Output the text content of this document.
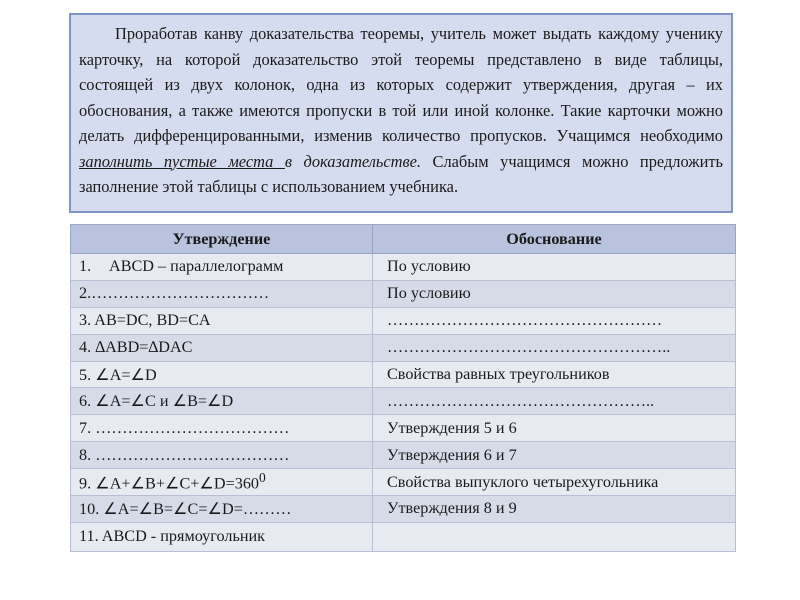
Проработав канву доказательства теоремы, учитель может выдать каждому ученику карточку, на которой доказательство этой теоремы представлено в виде таблицы, состоящей из двух колонок, одна из которых содержит утверждения, другая – их обоснования, а также имеются пропуски в той или иной колонке. Такие карточки можно делать дифференцированными, изменив количество пропусков. Учащимся необходимо заполнить пустые места в доказательстве. Слабым учащимся можно предложить заполнение этой таблицы с использованием учебника.

Утверждение	Обоснование
1. ABCD – параллелограмм	По условию
2.……………………………	По условию
3. AB=DC, BD=CA	……………………………………………
4. ∆ABD=∆DAC	……………………………………………..
5. ∠A=∠D	Свойства равных треугольников
6. ∠A=∠C и ∠B=∠D	…………………………………………..
7. ………………………………	Утверждения 5 и 6
8. ………………………………	Утверждения 6 и 7
9. $\angle A+\angle B+\angle C+\angle D=360^0$	Свойства выпуклого четырехугольника
10. ∠A=∠B=∠C=∠D=………	Утверждения 8 и 9
11. ABCD - прямоугольник	
